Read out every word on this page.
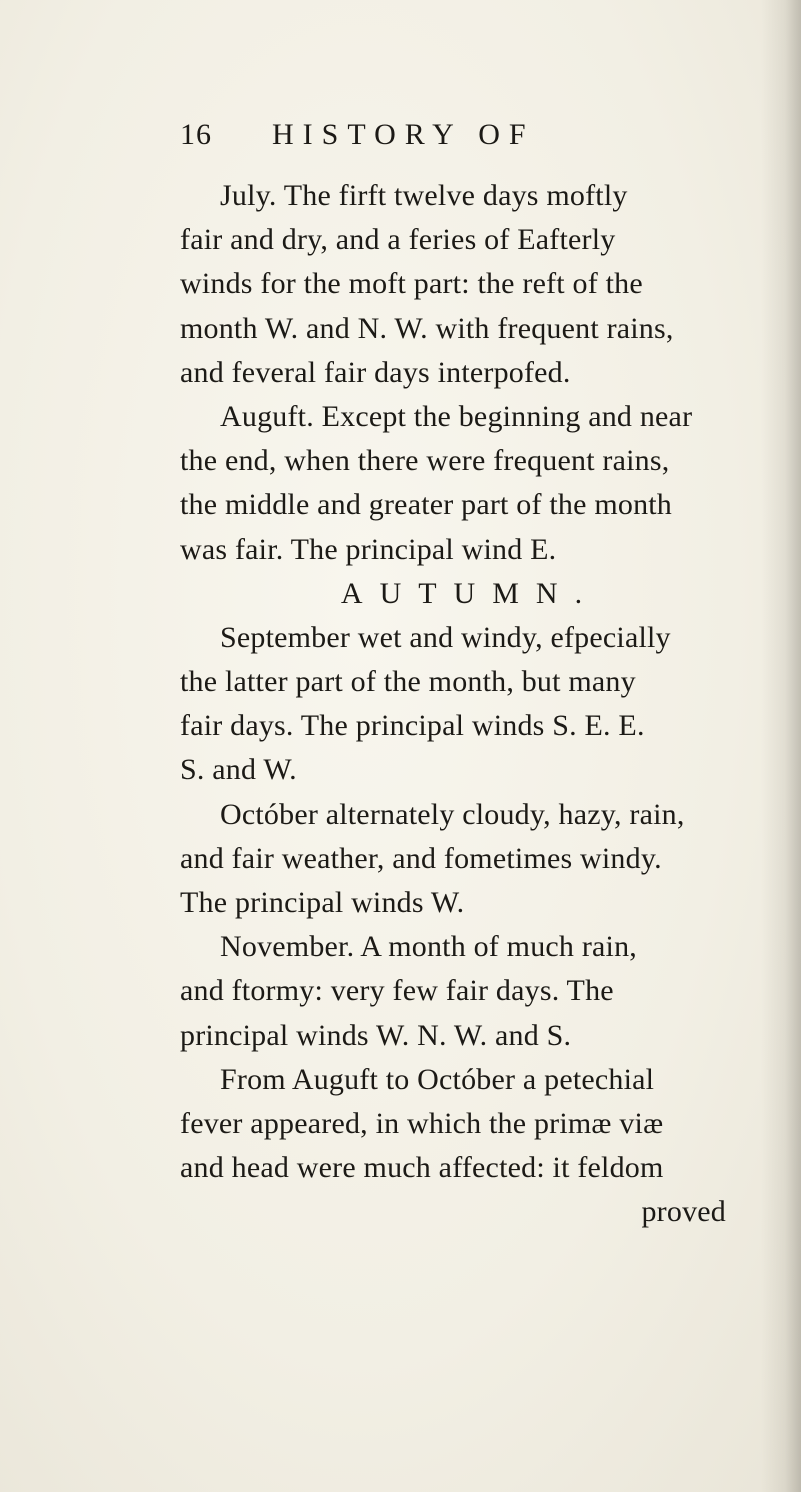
16 HISTORY OF
July. The firft twelve days moftly
fair and dry, and a feries of Eafterly
winds for the moft part: the reft of the
month W. and N. W. with frequent rains,
and feveral fair days interpofed.
Auguft. Except the beginning and near
the end, when there were frequent rains,
the middle and greater part of the month
was fair. The principal wind E.
AUTUMN.
September wet and windy, efpecially
the latter part of the month, but many
fair days. The principal winds S. E. E.
S. and W.
Octóber alternately cloudy, hazy, rain,
and fair weather, and fometimes windy.
The principal winds W.
November. A month of much rain,
and ftormy: very few fair days. The
principal winds W. N. W. and S.
From Auguft to Octóber a petechial
fever appeared, in which the primæ viæ
and head were much affected: it feldom
proved
